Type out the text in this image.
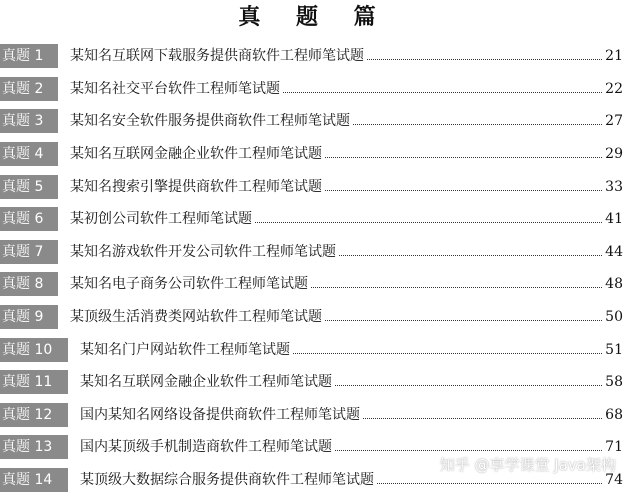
真 题 篇
真题 1	某知名互联网下载服务提供商软件工程师笔试题	21
真题 2	某知名社交平台软件工程师笔试题	22
真题 3	某知名安全软件服务提供商软件工程师笔试题	27
真题 4	某知名互联网金融企业软件工程师笔试题	29
真题 5	某知名搜索引擎提供商软件工程师笔试题	33
真题 6	某初创公司软件工程师笔试题	41
真题 7	某知名游戏软件开发公司软件工程师笔试题	44
真题 8	某知名电子商务公司软件工程师笔试题	48
真题 9	某顶级生活消费类网站软件工程师笔试题	50
真题 10	某知名门户网站软件工程师笔试题	51
真题 11	某知名互联网金融企业软件工程师笔试题	58
真题 12	国内某知名网络设备提供商软件工程师笔试题	68
真题 13	国内某顶级手机制造商软件工程师笔试题	71
真题 14	某顶级大数据综合服务提供商软件工程师笔试题	74
知乎 @享学课堂 Java架构
